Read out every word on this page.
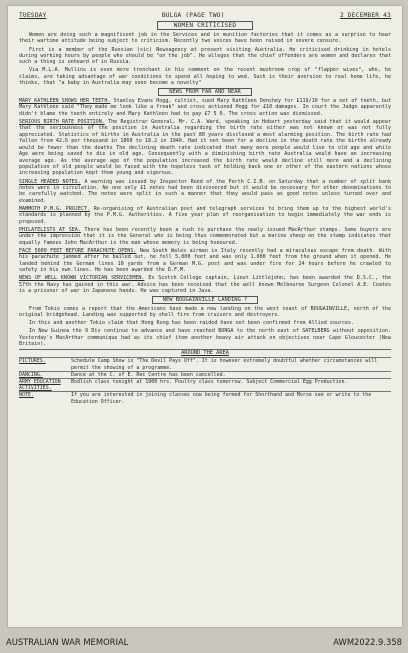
TUESDAY	BULGA (PAGE TWO)	2 DECEMBER 43
WOMEN CRITICISED

Women are doing such a magnificent job in the Services and in munition factories that it comes as a surprise to hear their wartime attitude being subject to criticism. Recently two voices have been raised in severe censure.

First is a member of the Russian (sic) Newsagency at present visiting Australia. He criticised drinking in hotels during working hours by people who should be "on the job". He alleges that the chief offenders are women and declares that such a thing is unheard of in Russia.

Via M.L.A. Mullins is even more trenchant in his comment on the recent mushroom crop of "flapper wives", who, he claims, are taking advantage of war conditions to spend all hoping to wed. Such is their aversion to real home life, he thinks, that "a baby in Australia may soon become a novelty"

NEWS FROM FAR AND NEAR

MARY KATHLEEN SHOWS HER TEETH. Stanley Evans Hogg, cultist, sued Mary Kathleen Denchey for £119/10 for a set of teeth, but Mary Kathleen said "They made me look like a freak" and cross actioned Hogg for £10 damages. In court the Judge apparently didn't blame the teeth entirely and Mary Kathleen had to pay £7 5 0. The cross action was dismissed.

SERIOUS BIRTH RATE POSITION. The Registrar General, Mr. C.A. Ward, speaking in Hobart yesterday said that it would appear that the seriousness of the position in Australia regarding the birth rate either was not known or was not fully appreciated. Statistics of births in Australia in the past 80 years disclosed a most alarming position. The birth rate had fallen from 42.6 per thousand in 1860 to 18.2 in 1940. Had it not been for a decline in the death rate the births already would be fewer than the deaths The declining death rate indicated that many more people would live to old age and while Age were being saved to die in old age. Consequently with a diminishing birth rate Australia would have an increasing average age. As the average age of the population increased the birth rate would decline still more and a declining population of old people would be faced with the hopeless task of holding back one or other of the eastern nations whose increasing population kept them young and vigorous.

SINGLE HEADED NOTES. A warning was issued by Inspector Reed of the Perth C.I.B. on Saturday that a number of split bank notes were in circulation. No one only £1 notes had been discovered but it would be necessary for other denominations to be carefully watched. The notes were split in such a manner that they would pass as good notes unless turned over and examined.

MAMMOTH P.M.G. PROJECT. Re-organising of Australian post and telegraph services to bring them up to the highest world's standards is planned by the P.M.G. Authorities. A five year plan of reorganisation to begin immediately the war ends is proposed.

PHILATELISTS AT SEA. There has been recently been a rush to purchase the newly issued MacArthur stamps. Some buyers are under the impression that it is the General who is being thus commemorated but a marine sheep on the stamp indicates that equally famous John MacArthur is the man whose memory is being honoured.

FACE 5000 FEET BEFORE PARACHUTE OPENS. New South Wales airman in Italy recently had a miraculous escape from death. With his parachute jammed after he bailed out, he fell 5,000 feet and was only 1,000 feet from the ground when it opened. He landed behind the German lines 10 yards from a German M.G. post and was under fire for 24 hours before he crawled to safety in his own lines. He has been awarded the D.F.M.

NEWS OF WELL KNOWN VICTORIAN SERVICEMEN. Ex Scotch College captain, Lieut Littlejohn, has been awarded the D.S.C., the 57th the Navy has gained in this war. Advice has been received that the well known Melbourne Surgeon Colonel A.E. Coates is a prisoner of war in Japanese hands. He was captured in Java.

NEW BOUGAINVILLE LANDING ?

From Tokio comes a report that the Americans have made a new landing on the west coast of BOUGAINVILLE, north of the original bridgehead. Landing was supported by shell fire from cruisers and destroyers.

In this and another Tokio claim that Hong Kong has been raided have not been confirmed from Allied sources.

In New Guinea the 9 Div continue to advance and have reached BONGA to the north east of SATELBERG without opposition. Yesterday's MacArthur communique had as its chief item another heavy air attack on objectives near Cape Gloucester (New Britain).

AROUND THE AREA
PICTURES.	Schedule Camp Show is "The Devil Pays Off". It is however extremely doubtful whether circumstances will permit the showing of a programme.
DANCING.	Dance at the C. of E. Rec Centre has been cancelled.
ARMY EDUCATION ACTIVITIES.	Bodlish class tonight at 1900 hrs. Poultry class tomorrow. Subject Commercial Egg Production.
NOTE.	If you are interested in joining classes now being formed for Shorthand and Morse see or write to the Education Officer.
AUSTRALIAN WAR MEMORIAL	AWM2022.9.358
